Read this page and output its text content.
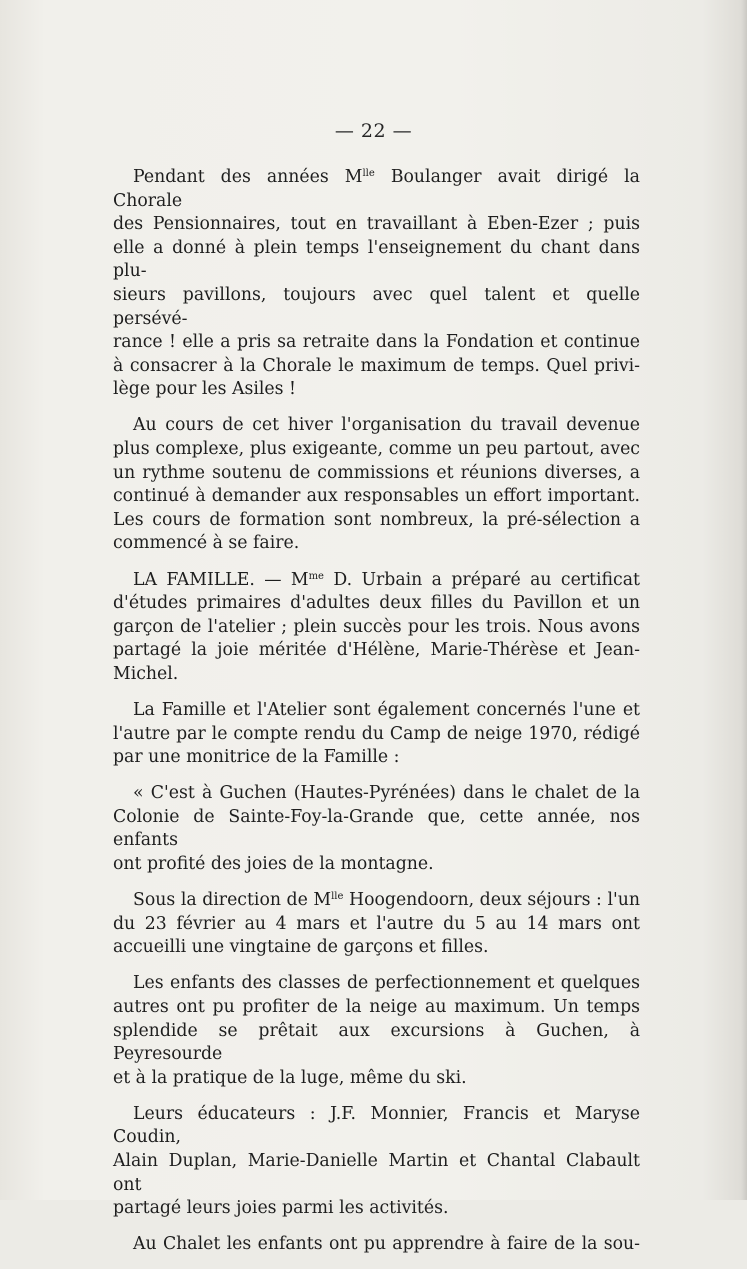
— 22 —

Pendant des années $M^{lle}$ Boulanger avait dirigé la Chorale
des Pensionnaires, tout en travaillant à Eben-Ezer ; puis
elle a donné à plein temps l'enseignement du chant dans plu-
sieurs pavillons, toujours avec quel talent et quelle persévé-
rance ! elle a pris sa retraite dans la Fondation et continue
à consacrer à la Chorale le maximum de temps. Quel privi-
lège pour les Asiles !

Au cours de cet hiver l'organisation du travail devenue
plus complexe, plus exigeante, comme un peu partout, avec
un rythme soutenu de commissions et réunions diverses, a
continué à demander aux responsables un effort important.
Les cours de formation sont nombreux, la pré-sélection a
commencé à se faire.

LA FAMILLE. — $M^{me}$ D. Urbain a préparé au certificat
d'études primaires d'adultes deux filles du Pavillon et un
garçon de l'atelier ; plein succès pour les trois. Nous avons
partagé la joie méritée d'Hélène, Marie-Thérèse et Jean-
Michel.

La Famille et l'Atelier sont également concernés l'une et
l'autre par le compte rendu du Camp de neige 1970, rédigé
par une monitrice de la Famille :

« C'est à Guchen (Hautes-Pyrénées) dans le chalet de la
Colonie de Sainte-Foy-la-Grande que, cette année, nos enfants
ont profité des joies de la montagne.

Sous la direction de $M^{lle}$ Hoogendoorn, deux séjours : l'un
du 23 février au 4 mars et l'autre du 5 au 14 mars ont
accueilli une vingtaine de garçons et filles.

Les enfants des classes de perfectionnement et quelques
autres ont pu profiter de la neige au maximum. Un temps
splendide se prêtait aux excursions à Guchen, à Peyresourde
et à la pratique de la luge, même du ski.

Leurs éducateurs : J.F. Monnier, Francis et Maryse Coudin,
Alain Duplan, Marie-Danielle Martin et Chantal Clabault ont
partagé leurs joies parmi les activités.

Au Chalet les enfants ont pu apprendre à faire de la sou-
